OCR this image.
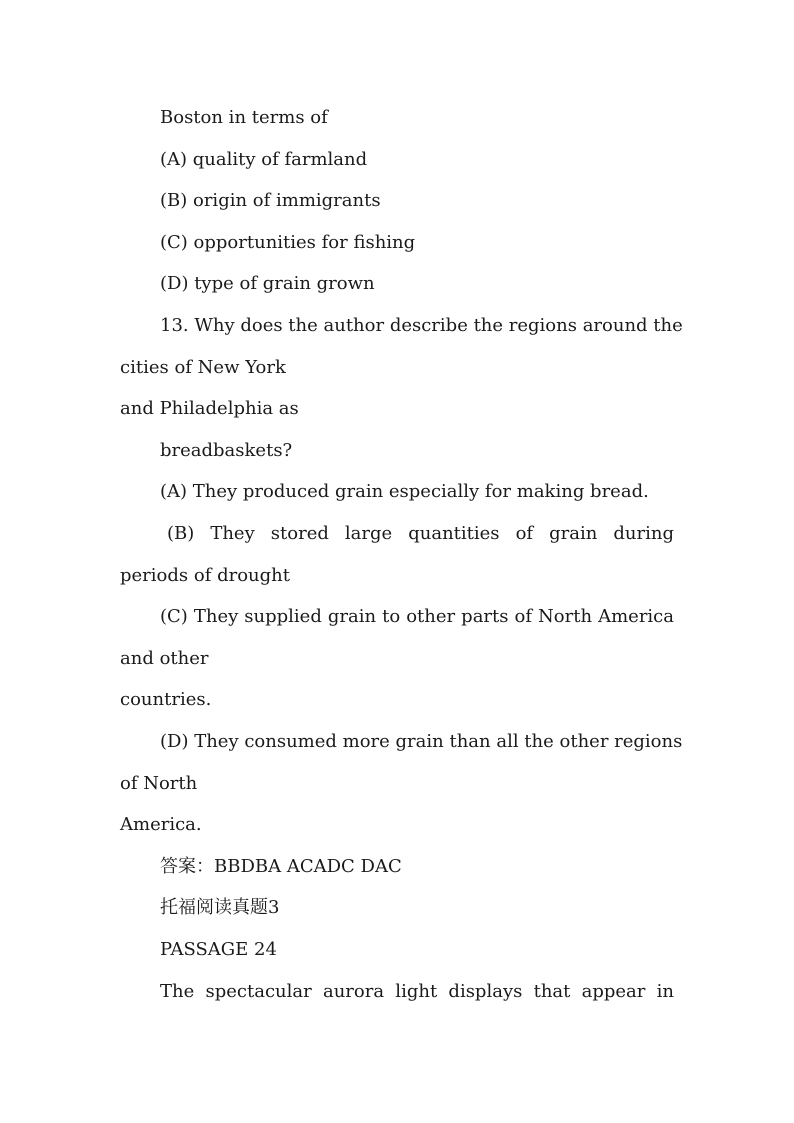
Boston in terms of
(A) quality of farmland
(B) origin of immigrants
(C) opportunities for fishing
(D) type of grain grown
13. Why does the author describe the regions around the
cities of New York
and Philadelphia as
breadbaskets?
(A) They produced grain especially for making bread.
(B) They stored large quantities of grain during
periods of drought
(C) They supplied grain to other parts of North America
and other
countries.
(D) They consumed more grain than all the other regions
of North
America.
答案：BBDBA ACADC DAC
托福阅读真题3
PASSAGE 24
The spectacular aurora light displays that appear in
